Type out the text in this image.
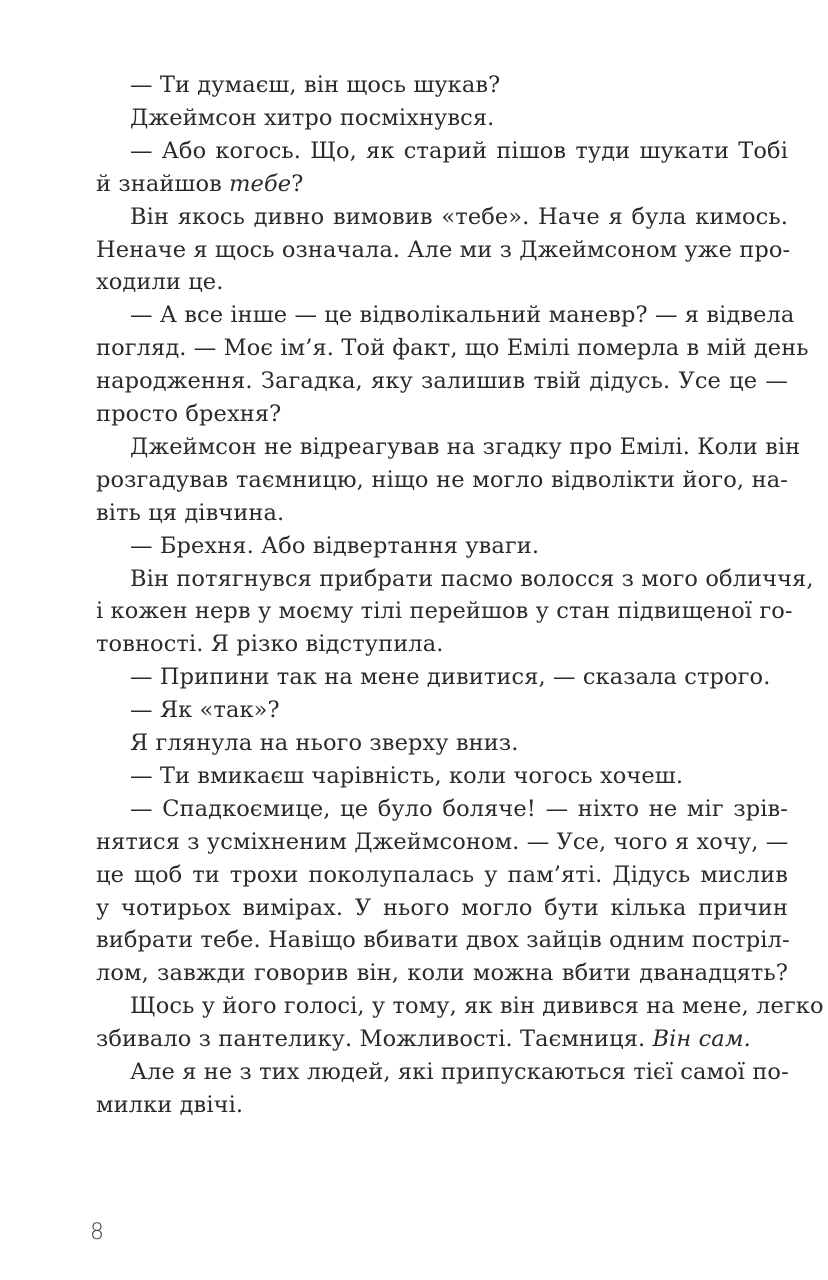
— Ти думаєш, він щось шукав?
Джеймсон хитро посміхнувся.
— Або когось. Що, як старий пішов туди шукати Тобі
й знайшов тебе?
Він якось дивно вимовив «тебе». Наче я була кимось.
Неначе я щось означала. Але ми з Джеймсоном уже про-
ходили це.
— А все інше — це відволікальний маневр? — я відвела
погляд. — Моє ім’я. Той факт, що Емілі померла в мій день
народження. Загадка, яку залишив твій дідусь. Усе це —
просто брехня?
Джеймсон не відреагував на згадку про Емілі. Коли він
розгадував таємницю, ніщо не могло відволікти його, на-
віть ця дівчина.
— Брехня. Або відвертання уваги.
Він потягнувся прибрати пасмо волосся з мого обличчя,
і кожен нерв у моєму тілі перейшов у стан підвищеної го-
товності. Я різко відступила.
— Припини так на мене дивитися, — сказала строго.
— Як «так»?
Я глянула на нього зверху вниз.
— Ти вмикаєш чарівність, коли чогось хочеш.
— Спадкоємице, це було боляче! — ніхто не міг зрів-
нятися з усміхненим Джеймсоном. — Усе, чого я хочу, —
це щоб ти трохи поколупалась у пам’яті. Дідусь мислив
у чотирьох вимірах. У нього могло бути кілька причин
вибрати тебе. Навіщо вбивати двох зайців одним постріл-
лом, завжди говорив він, коли можна вбити дванадцять?
Щось у його голосі, у тому, як він дивився на мене, легко
збивало з пантелику. Можливості. Таємниця. Він сам.
Але я не з тих людей, які припускаються тієї самої по-
милки двічі.
8
